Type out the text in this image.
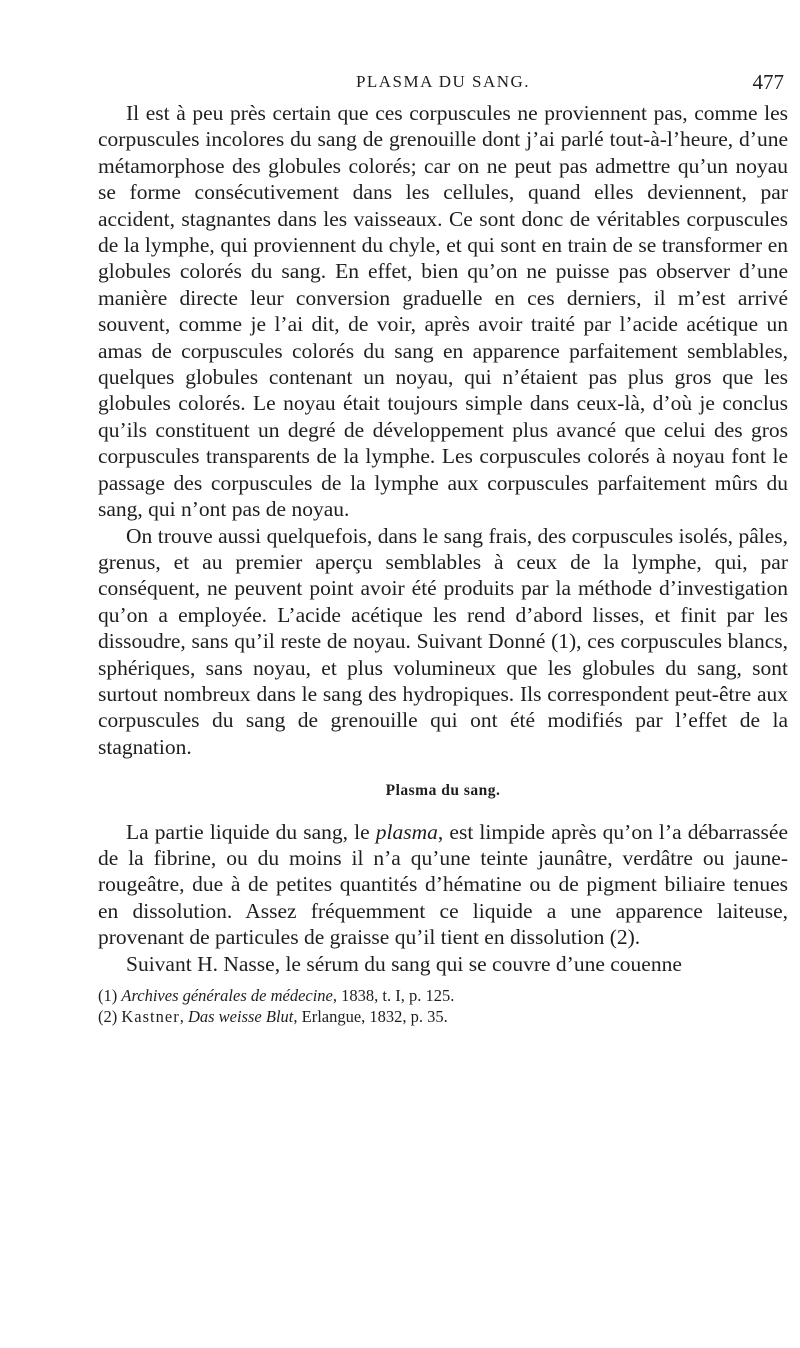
PLASMA DU SANG.	477

Il est à peu près certain que ces corpuscules ne proviennent pas, comme les corpuscules incolores du sang de grenouille dont j’ai parlé tout-à-l’heure, d’une métamorphose des globules colorés; car on ne peut pas admettre qu’un noyau se forme consécutivement dans les cellules, quand elles deviennent, par accident, stagnantes dans les vaisseaux. Ce sont donc de véritables corpuscules de la lymphe, qui proviennent du chyle, et qui sont en train de se transformer en globules colorés du sang. En effet, bien qu’on ne puisse pas observer d’une manière directe leur conversion graduelle en ces derniers, il m’est arrivé souvent, comme je l’ai dit, de voir, après avoir traité par l’acide acétique un amas de corpuscules colorés du sang en apparence parfaitement semblables, quelques globules contenant un noyau, qui n’étaient pas plus gros que les globules colorés. Le noyau était toujours simple dans ceux-là, d’où je conclus qu’ils constituent un degré de développement plus avancé que celui des gros corpuscules transparents de la lymphe. Les corpuscules colorés à noyau font le passage des corpuscules de la lymphe aux corpuscules parfaitement mûrs du sang, qui n’ont pas de noyau.

On trouve aussi quelquefois, dans le sang frais, des corpuscules isolés, pâles, grenus, et au premier aperçu semblables à ceux de la lymphe, qui, par conséquent, ne peuvent point avoir été produits par la méthode d’investigation qu’on a employée. L’acide acétique les rend d’abord lisses, et finit par les dissoudre, sans qu’il reste de noyau. Suivant Donné (1), ces corpuscules blancs, sphériques, sans noyau, et plus volumineux que les globules du sang, sont surtout nombreux dans le sang des hydropiques. Ils correspondent peut-être aux corpuscules du sang de grenouille qui ont été modifiés par l’effet de la stagnation.

Plasma du sang.

La partie liquide du sang, le plasma, est limpide après qu’on l’a débarrassée de la fibrine, ou du moins il n’a qu’une teinte jaunâtre, verdâtre ou jaune-rougeâtre, due à de petites quantités d’hématine ou de pigment biliaire tenues en dissolution. Assez fréquemment ce liquide a une apparence laiteuse, provenant de particules de graisse qu’il tient en dissolution (2).

Suivant H. Nasse, le sérum du sang qui se couvre d’une couenne

(1) Archives générales de médecine, 1838, t. I, p. 125.

(2) Kastner, Das weisse Blut, Erlangue, 1832, p. 35.
